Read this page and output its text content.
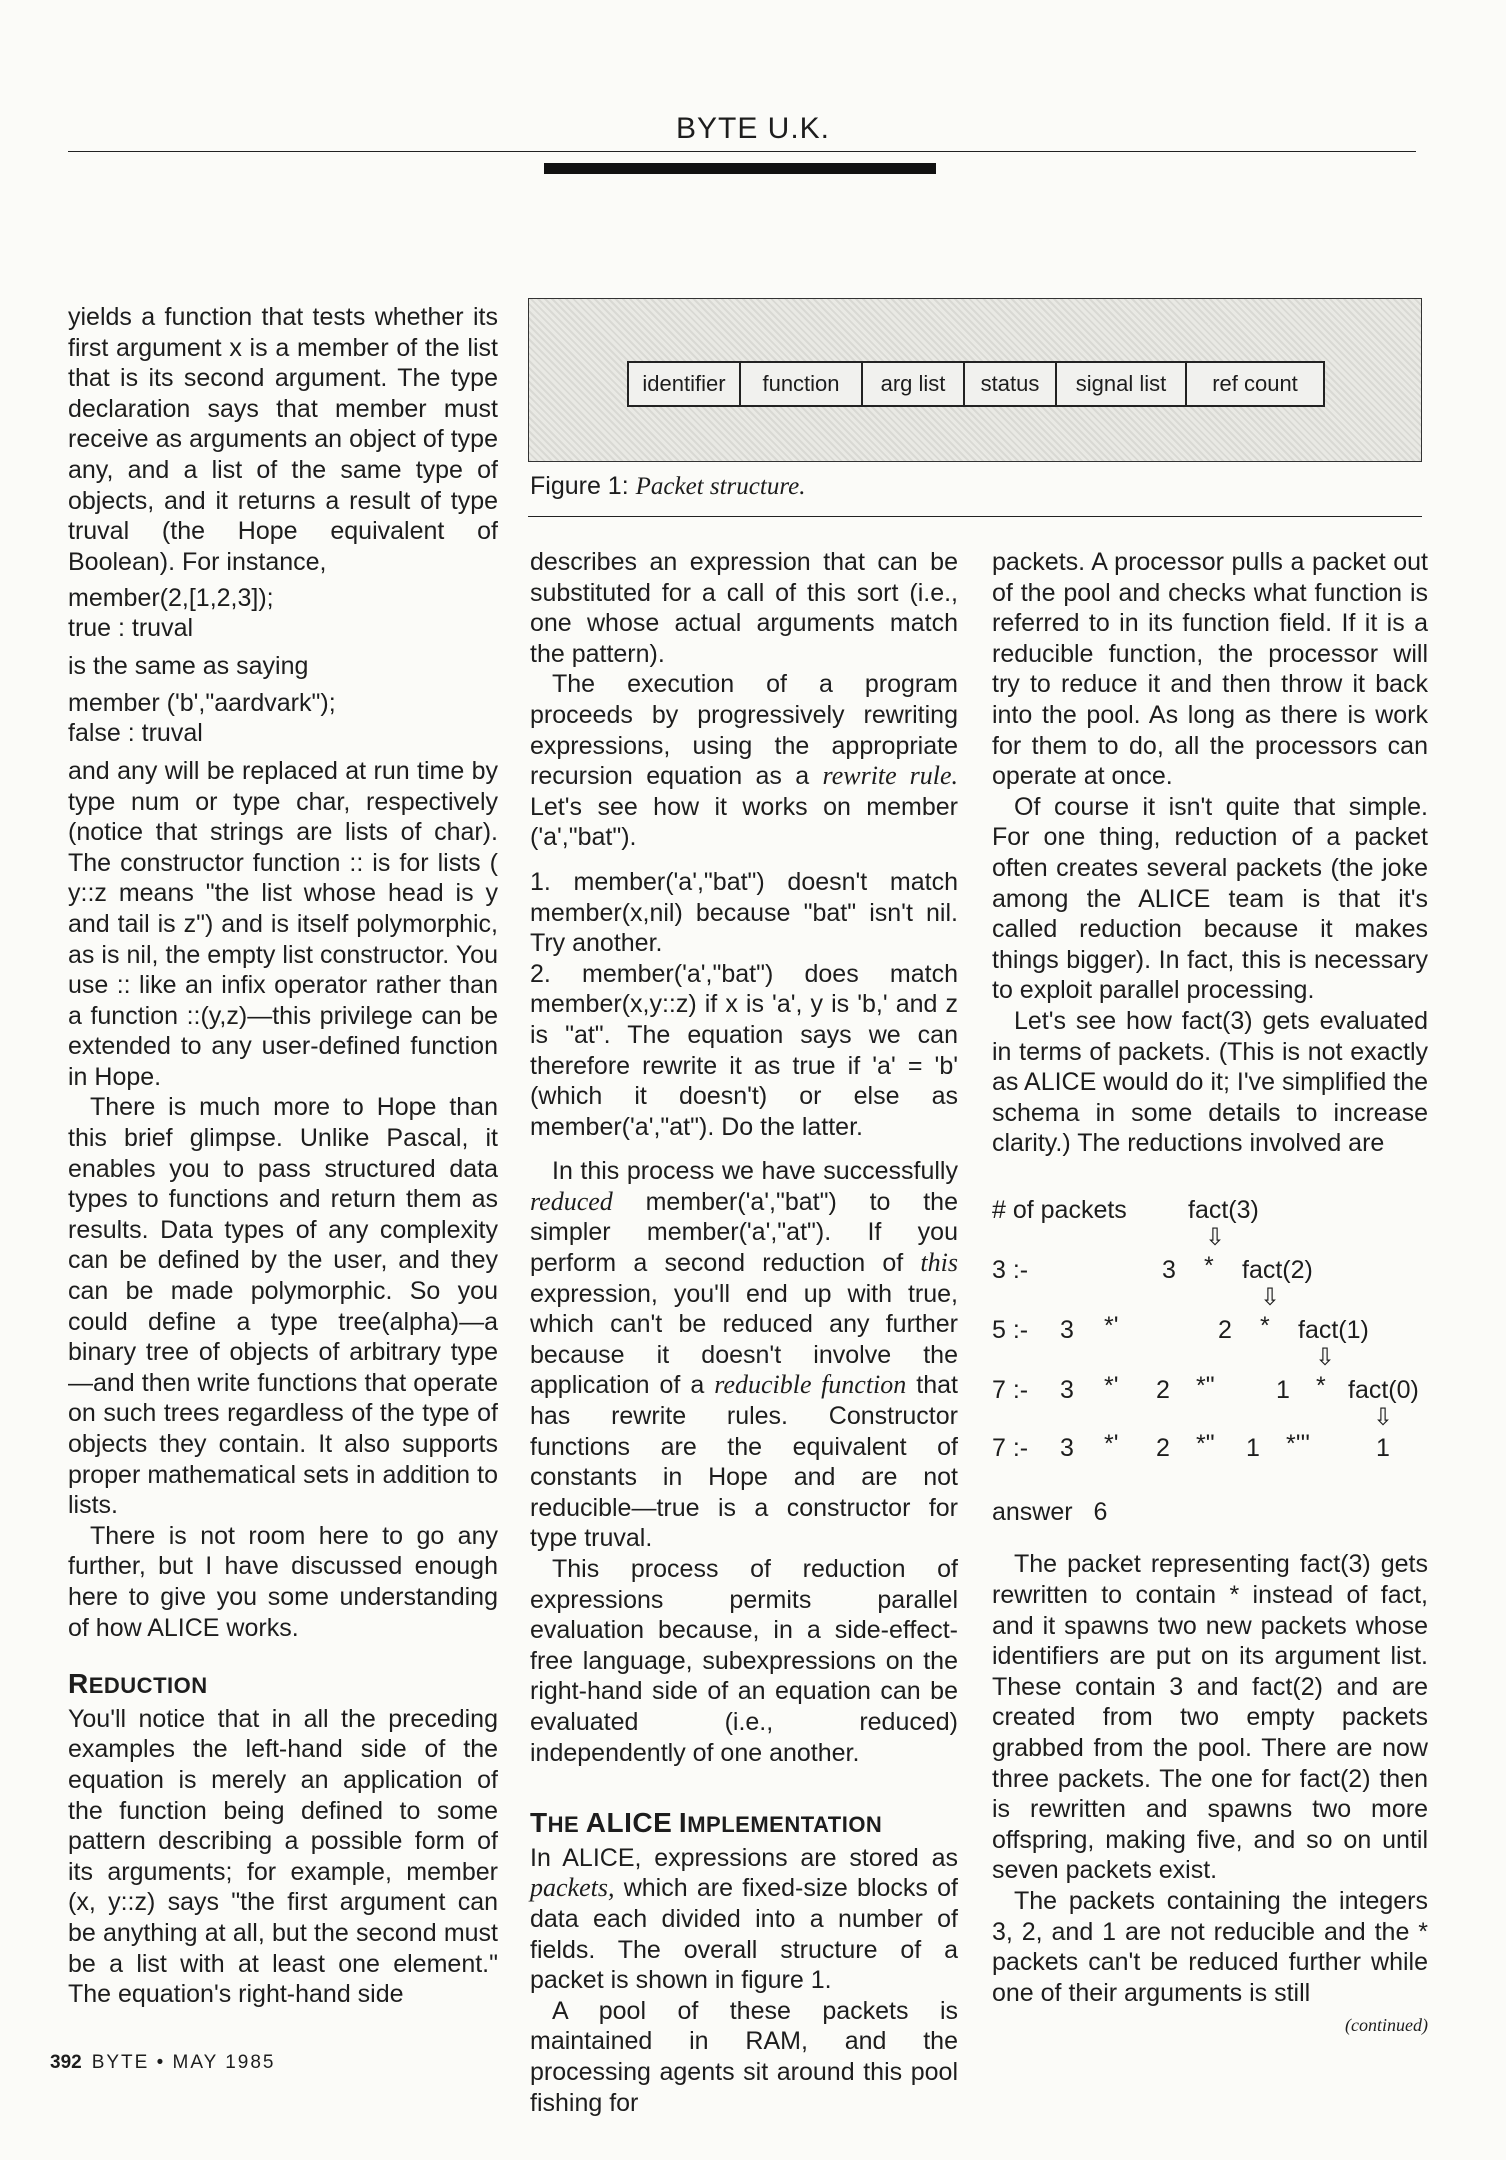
BYTE U.K.
identifier	function	arg list	status	signal list	ref count
Figure 1: Packet structure.

yields a function that tests whether its first argument x is a member of the list that is its second argument. The type declaration says that member must receive as arguments an object of type any, and a list of the same type of objects, and it returns a result of type truval (the Hope equivalent of Boolean). For instance,

member(2,[1,2,3]);
true : truval

is the same as saying

member ('b',"aardvark");
false : truval

and any will be replaced at run time by type num or type char, respectively (notice that strings are lists of char). The constructor function :: is for lists ( y::z means "the list whose head is y and tail is z") and is itself polymorphic, as is nil, the empty list constructor. You use :: like an infix operator rather than a function ::(y,z)—this privilege can be extended to any user-defined function in Hope.

There is much more to Hope than this brief glimpse. Unlike Pascal, it enables you to pass structured data types to functions and return them as results. Data types of any complexity can be defined by the user, and they can be made polymorphic. So you could define a type tree(alpha)—a binary tree of objects of arbitrary type—and then write functions that operate on such trees regardless of the type of objects they contain. It also supports proper mathematical sets in addition to lists.

There is not room here to go any further, but I have discussed enough here to give you some understanding of how ALICE works.

REDUCTION

You'll notice that in all the preceding examples the left-hand side of the equation is merely an application of the function being defined to some pattern describing a possible form of its arguments; for example, member (x, y::z) says "the first argument can be anything at all, but the second must be a list with at least one element." The equation's right-hand side

describes an expression that can be substituted for a call of this sort (i.e., one whose actual arguments match the pattern).

The execution of a program proceeds by progressively rewriting expressions, using the appropriate recursion equation as a rewrite rule. Let's see how it works on member ('a',"bat").

1. member('a',"bat") doesn't match member(x,nil) because "bat" isn't nil. Try another.

2. member('a',"bat") does match member(x,y::z) if x is 'a', y is 'b,' and z is "at". The equation says we can therefore rewrite it as true if 'a' = 'b' (which it doesn't) or else as member('a',"at"). Do the latter.

In this process we have successfully reduced member('a',"bat") to the simpler member('a',"at"). If you perform a second reduction of this expression, you'll end up with true, which can't be reduced any further because it doesn't involve the application of a reducible function that has rewrite rules. Constructor functions are the equivalent of constants in Hope and are not reducible—true is a constructor for type truval.

This process of reduction of expressions permits parallel evaluation because, in a side-effect-free language, subexpressions on the right-hand side of an equation can be evaluated (i.e., reduced) independently of one another.

THE ALICE IMPLEMENTATION

In ALICE, expressions are stored as packets, which are fixed-size blocks of data each divided into a number of fields. The overall structure of a packet is shown in figure 1.

A pool of these packets is maintained in RAM, and the processing agents sit around this pool fishing for

packets. A processor pulls a packet out of the pool and checks what function is referred to in its function field. If it is a reducible function, the processor will try to reduce it and then throw it back into the pool. As long as there is work for them to do, all the processors can operate at once.

Of course it isn't quite that simple. For one thing, reduction of a packet often creates several packets (the joke among the ALICE team is that it's called reduction because it makes things bigger). In fact, this is necessary to exploit parallel processing.

Let's see how fact(3) gets evaluated in terms of packets. (This is not exactly as ALICE would do it; I've simplified the schema in some details to increase clarity.) The reductions involved are

# of packets fact(3)
⇩
3 :-	3 * fact(2)
⇩
5 :- 3 *'	2 * fact(1)
⇩
7 :- 3 *' 2 *" 1 * fact(0)
⇩
7 :- 3 *' 2 *" 1 *'''	1
answer 6

The packet representing fact(3) gets rewritten to contain * instead of fact, and it spawns two new packets whose identifiers are put on its argument list. These contain 3 and fact(2) and are created from two empty packets grabbed from the pool. There are now three packets. The one for fact(2) then is rewritten and spawns two more offspring, making five, and so on until seven packets exist.

The packets containing the integers 3, 2, and 1 are not reducible and the * packets can't be reduced further while one of their arguments is still

(continued)
392 BYTE • MAY 1985
